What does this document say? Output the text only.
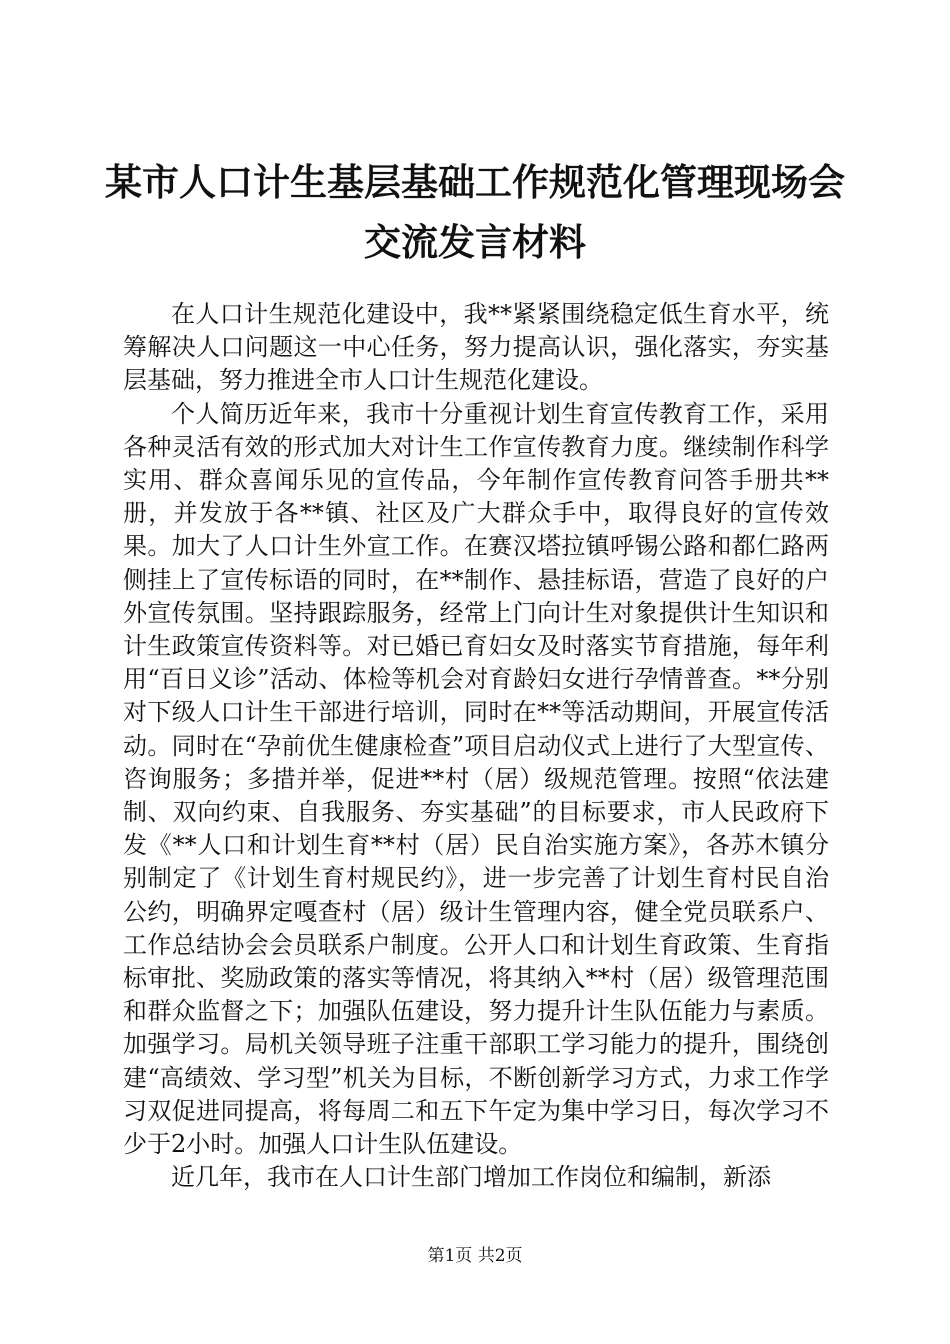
某市人口计生基层基础工作规范化管理现场会
交流发言材料

在人口计生规范化建设中，我**紧紧围绕稳定低生育水平，统筹解决人口问题这一中心任务，努力提高认识，强化落实，夯实基层基础，努力推进全市人口计生规范化建设。

个人简历近年来，我市十分重视计划生育宣传教育工作，采用各种灵活有效的形式加大对计生工作宣传教育力度。继续制作科学实用、群众喜闻乐见的宣传品，今年制作宣传教育问答手册共**册，并发放于各**镇、社区及广大群众手中，取得良好的宣传效果。加大了人口计生外宣工作。在赛汉塔拉镇呼锡公路和都仁路两侧挂上了宣传标语的同时，在**制作、悬挂标语，营造了良好的户外宣传氛围。坚持跟踪服务，经常上门向计生对象提供计生知识和计生政策宣传资料等。对已婚已育妇女及时落实节育措施，每年利用“百日义诊”活动、体检等机会对育龄妇女进行孕情普查。**分别对下级人口计生干部进行培训，同时在**等活动期间，开展宣传活动。同时在“孕前优生健康检查”项目启动仪式上进行了大型宣传、咨询服务；多措并举，促进**村（居）级规范管理。按照“依法建制、双向约束、自我服务、夯实基础”的目标要求，市人民政府下发《**人口和计划生育**村（居）民自治实施方案》，各苏木镇分别制定了《计划生育村规民约》，进一步完善了计划生育村民自治公约，明确界定嘎查村（居）级计生管理内容，健全党员联系户、工作总结协会会员联系户制度。公开人口和计划生育政策、生育指标审批、奖励政策的落实等情况，将其纳入**村（居）级管理范围和群众监督之下；加强队伍建设，努力提升计生队伍能力与素质。加强学习。局机关领导班子注重干部职工学习能力的提升，围绕创建“高绩效、学习型”机关为目标，不断创新学习方式，力求工作学习双促进同提高，将每周二和五下午定为集中学习日，每次学习不少于2小时。加强人口计生队伍建设。

近几年，我市在人口计生部门增加工作岗位和编制，新添

第1页 共2页
